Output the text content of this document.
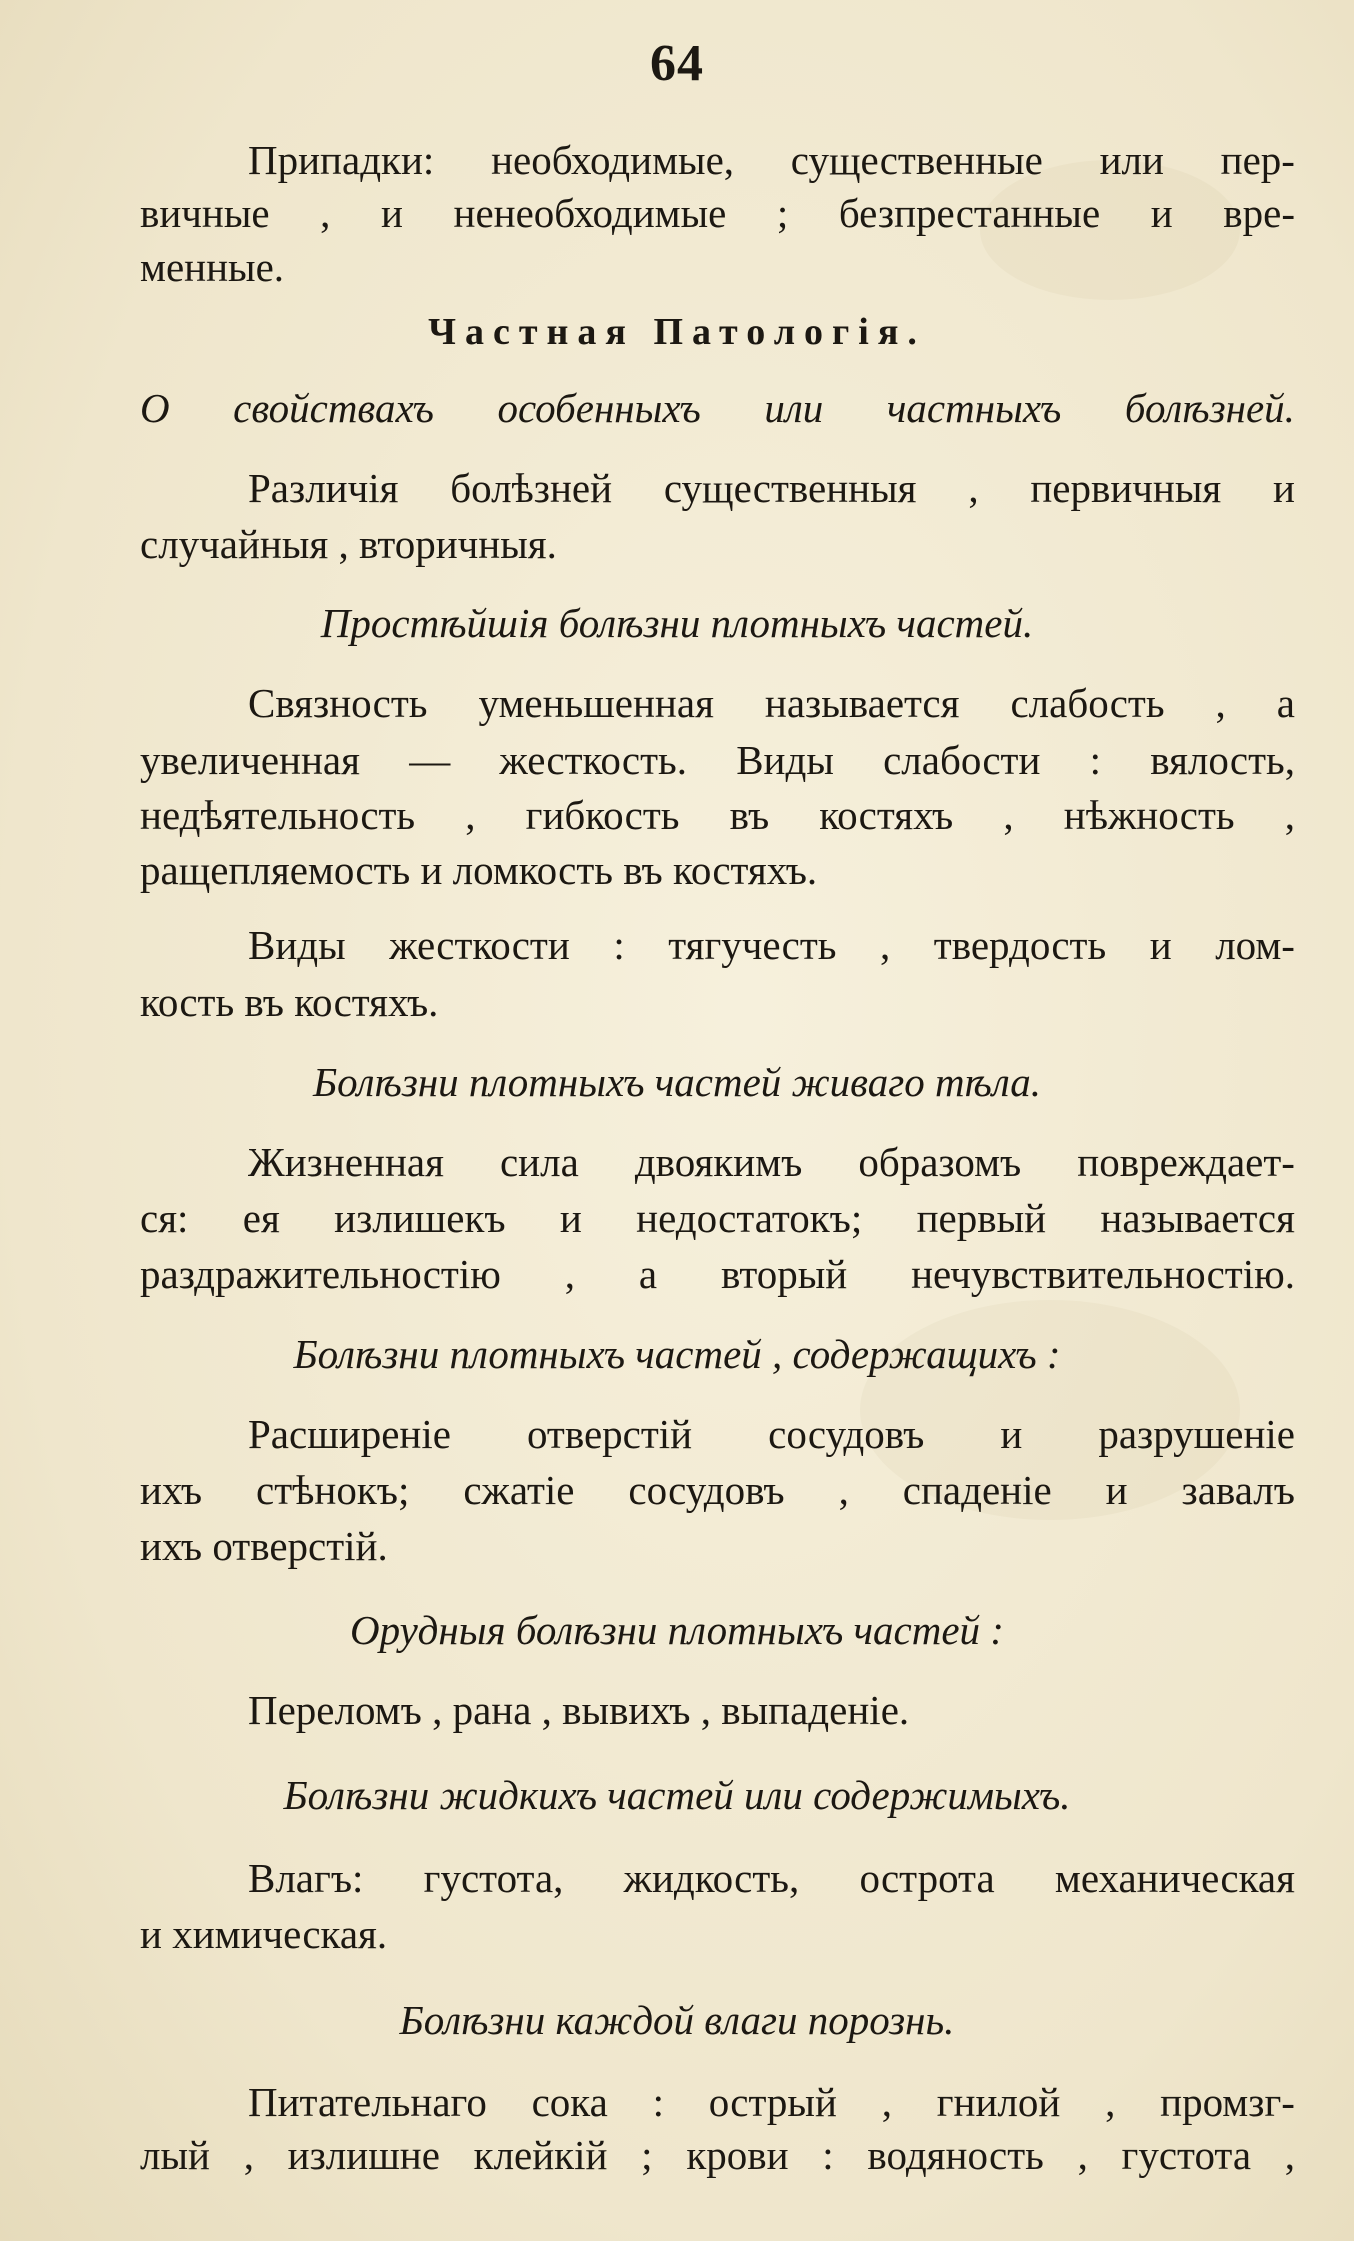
64
Припадки: необходимые, существенные или пер-
вичные , и ненеобходимые ; безпрестанные и вре-
менные.
Частная Патологія.
О свойствахъ особенныхъ или частныхъ болѣзней.
Различія болѣзней существенныя , первичныя и
случайныя , вторичныя.
Простѣйшія болѣзни плотныхъ частей.
Связность уменьшенная называется слабость , а
увеличенная — жесткость. Виды слабости : вялость,
недѣятельность , гибкость въ костяхъ , нѣжность ,
ращепляемость и ломкость въ костяхъ.
Виды жесткости : тягучесть , твердость и лом-
кость въ костяхъ.
Болѣзни плотныхъ частей живаго тѣла.
Жизненная сила двоякимъ образомъ повреждает-
ся: ея излишекъ и недостатокъ; первый называется
раздражительностію , а вторый нечувствительностію.
Болѣзни плотныхъ частей , содержащихъ :
Расширеніе отверстій сосудовъ и разрушеніе
ихъ стѣнокъ; сжатіе сосудовъ , спаденіе и завалъ
ихъ отверстій.
Орудныя болѣзни плотныхъ частей :
Переломъ , рана , вывихъ , выпаденіе.
Болѣзни жидкихъ частей или содержимыхъ.
Влагъ: густота, жидкость, острота механическая
и химическая.
Болѣзни каждой влаги порознь.
Питательнаго сока : острый , гнилой , промзг-
лый , излишне клейкій ; крови : водяность , густота ,
